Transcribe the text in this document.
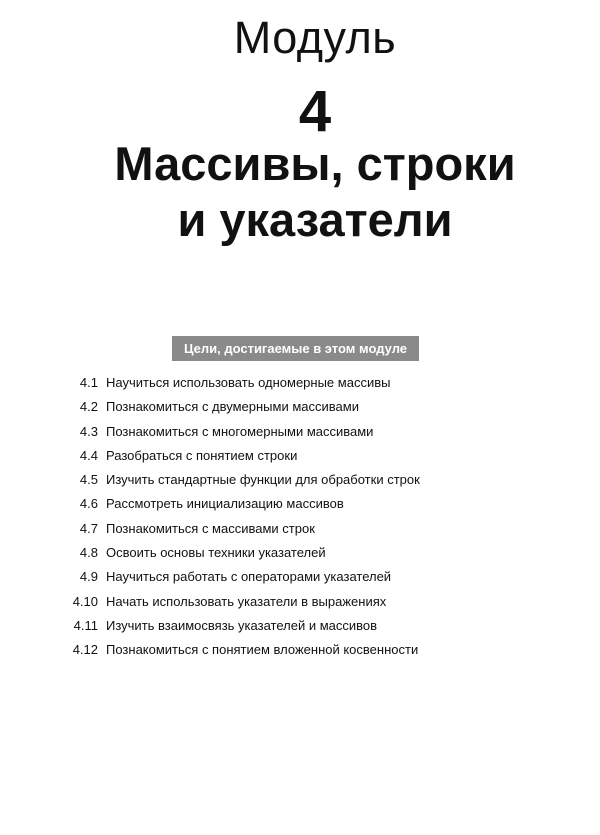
Модуль
4
Массивы, строки
и указатели
Цели, достигаемые в этом модуле
4.1 Научиться использовать одномерные массивы
4.2 Познакомиться с двумерными массивами
4.3 Познакомиться с многомерными массивами
4.4 Разобраться с понятием строки
4.5 Изучить стандартные функции для обработки строк
4.6 Рассмотреть инициализацию массивов
4.7 Познакомиться с массивами строк
4.8 Освоить основы техники указателей
4.9 Научиться работать с операторами указателей
4.10 Начать использовать указатели в выражениях
4.11 Изучить взаимосвязь указателей и массивов
4.12 Познакомиться с понятием вложенной косвенности
